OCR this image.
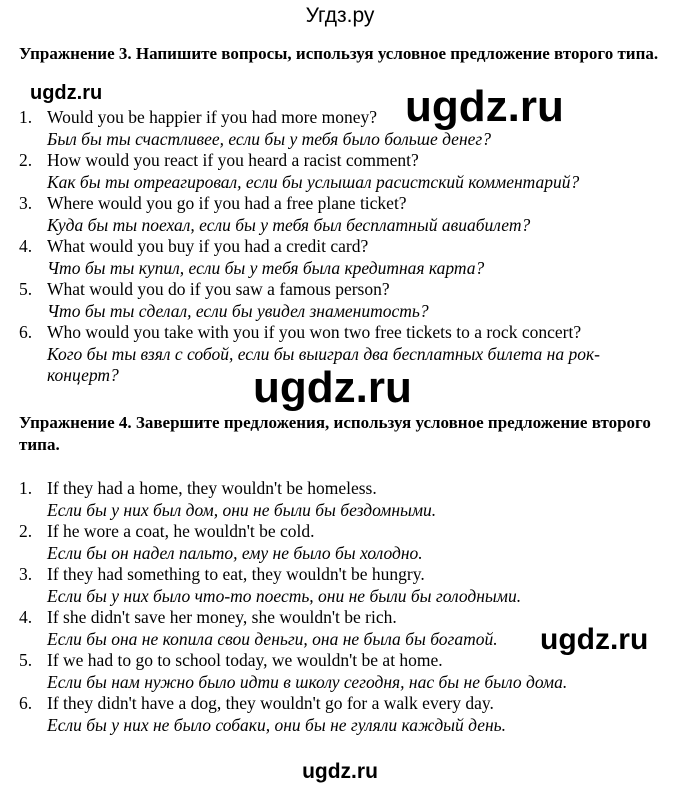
Угдз.ру
Упражнение 3. Напишите вопросы, используя условное предложение второго типа.
1. Would you be happier if you had more money?
Был бы ты счастливее, если бы у тебя было больше денег?
2. How would you react if you heard a racist comment?
Как бы ты отреагировал, если бы услышал расистский комментарий?
3. Where would you go if you had a free plane ticket?
Куда бы ты поехал, если бы у тебя был бесплатный авиабилет?
4. What would you buy if you had a credit card?
Что бы ты купил, если бы у тебя была кредитная карта?
5. What would you do if you saw a famous person?
Что бы ты сделал, если бы увидел знаменитость?
6. Who would you take with you if you won two free tickets to a rock concert?
Кого бы ты взял с собой, если бы выиграл два бесплатных билета на рок-концерт?
Упражнение 4. Завершите предложения, используя условное предложение второго типа.
1. If they had a home, they wouldn't be homeless.
Если бы у них был дом, они не были бы бездомными.
2. If he wore a coat, he wouldn't be cold.
Если бы он надел пальто, ему не было бы холодно.
3. If they had something to eat, they wouldn't be hungry.
Если бы у них было что-то поесть, они не были бы голодными.
4. If she didn't save her money, she wouldn't be rich.
Если бы она не копила свои деньги, она не была бы богатой.
5. If we had to go to school today, we wouldn't be at home.
Если бы нам нужно было идти в школу сегодня, нас бы не было дома.
6. If they didn't have a dog, they wouldn't go for a walk every day.
Если бы у них не было собаки, они бы не гуляли каждый день.
ugdz.ru	ugdz.ru
ugdz.ru
ugdz.ru
ugdz.ru
